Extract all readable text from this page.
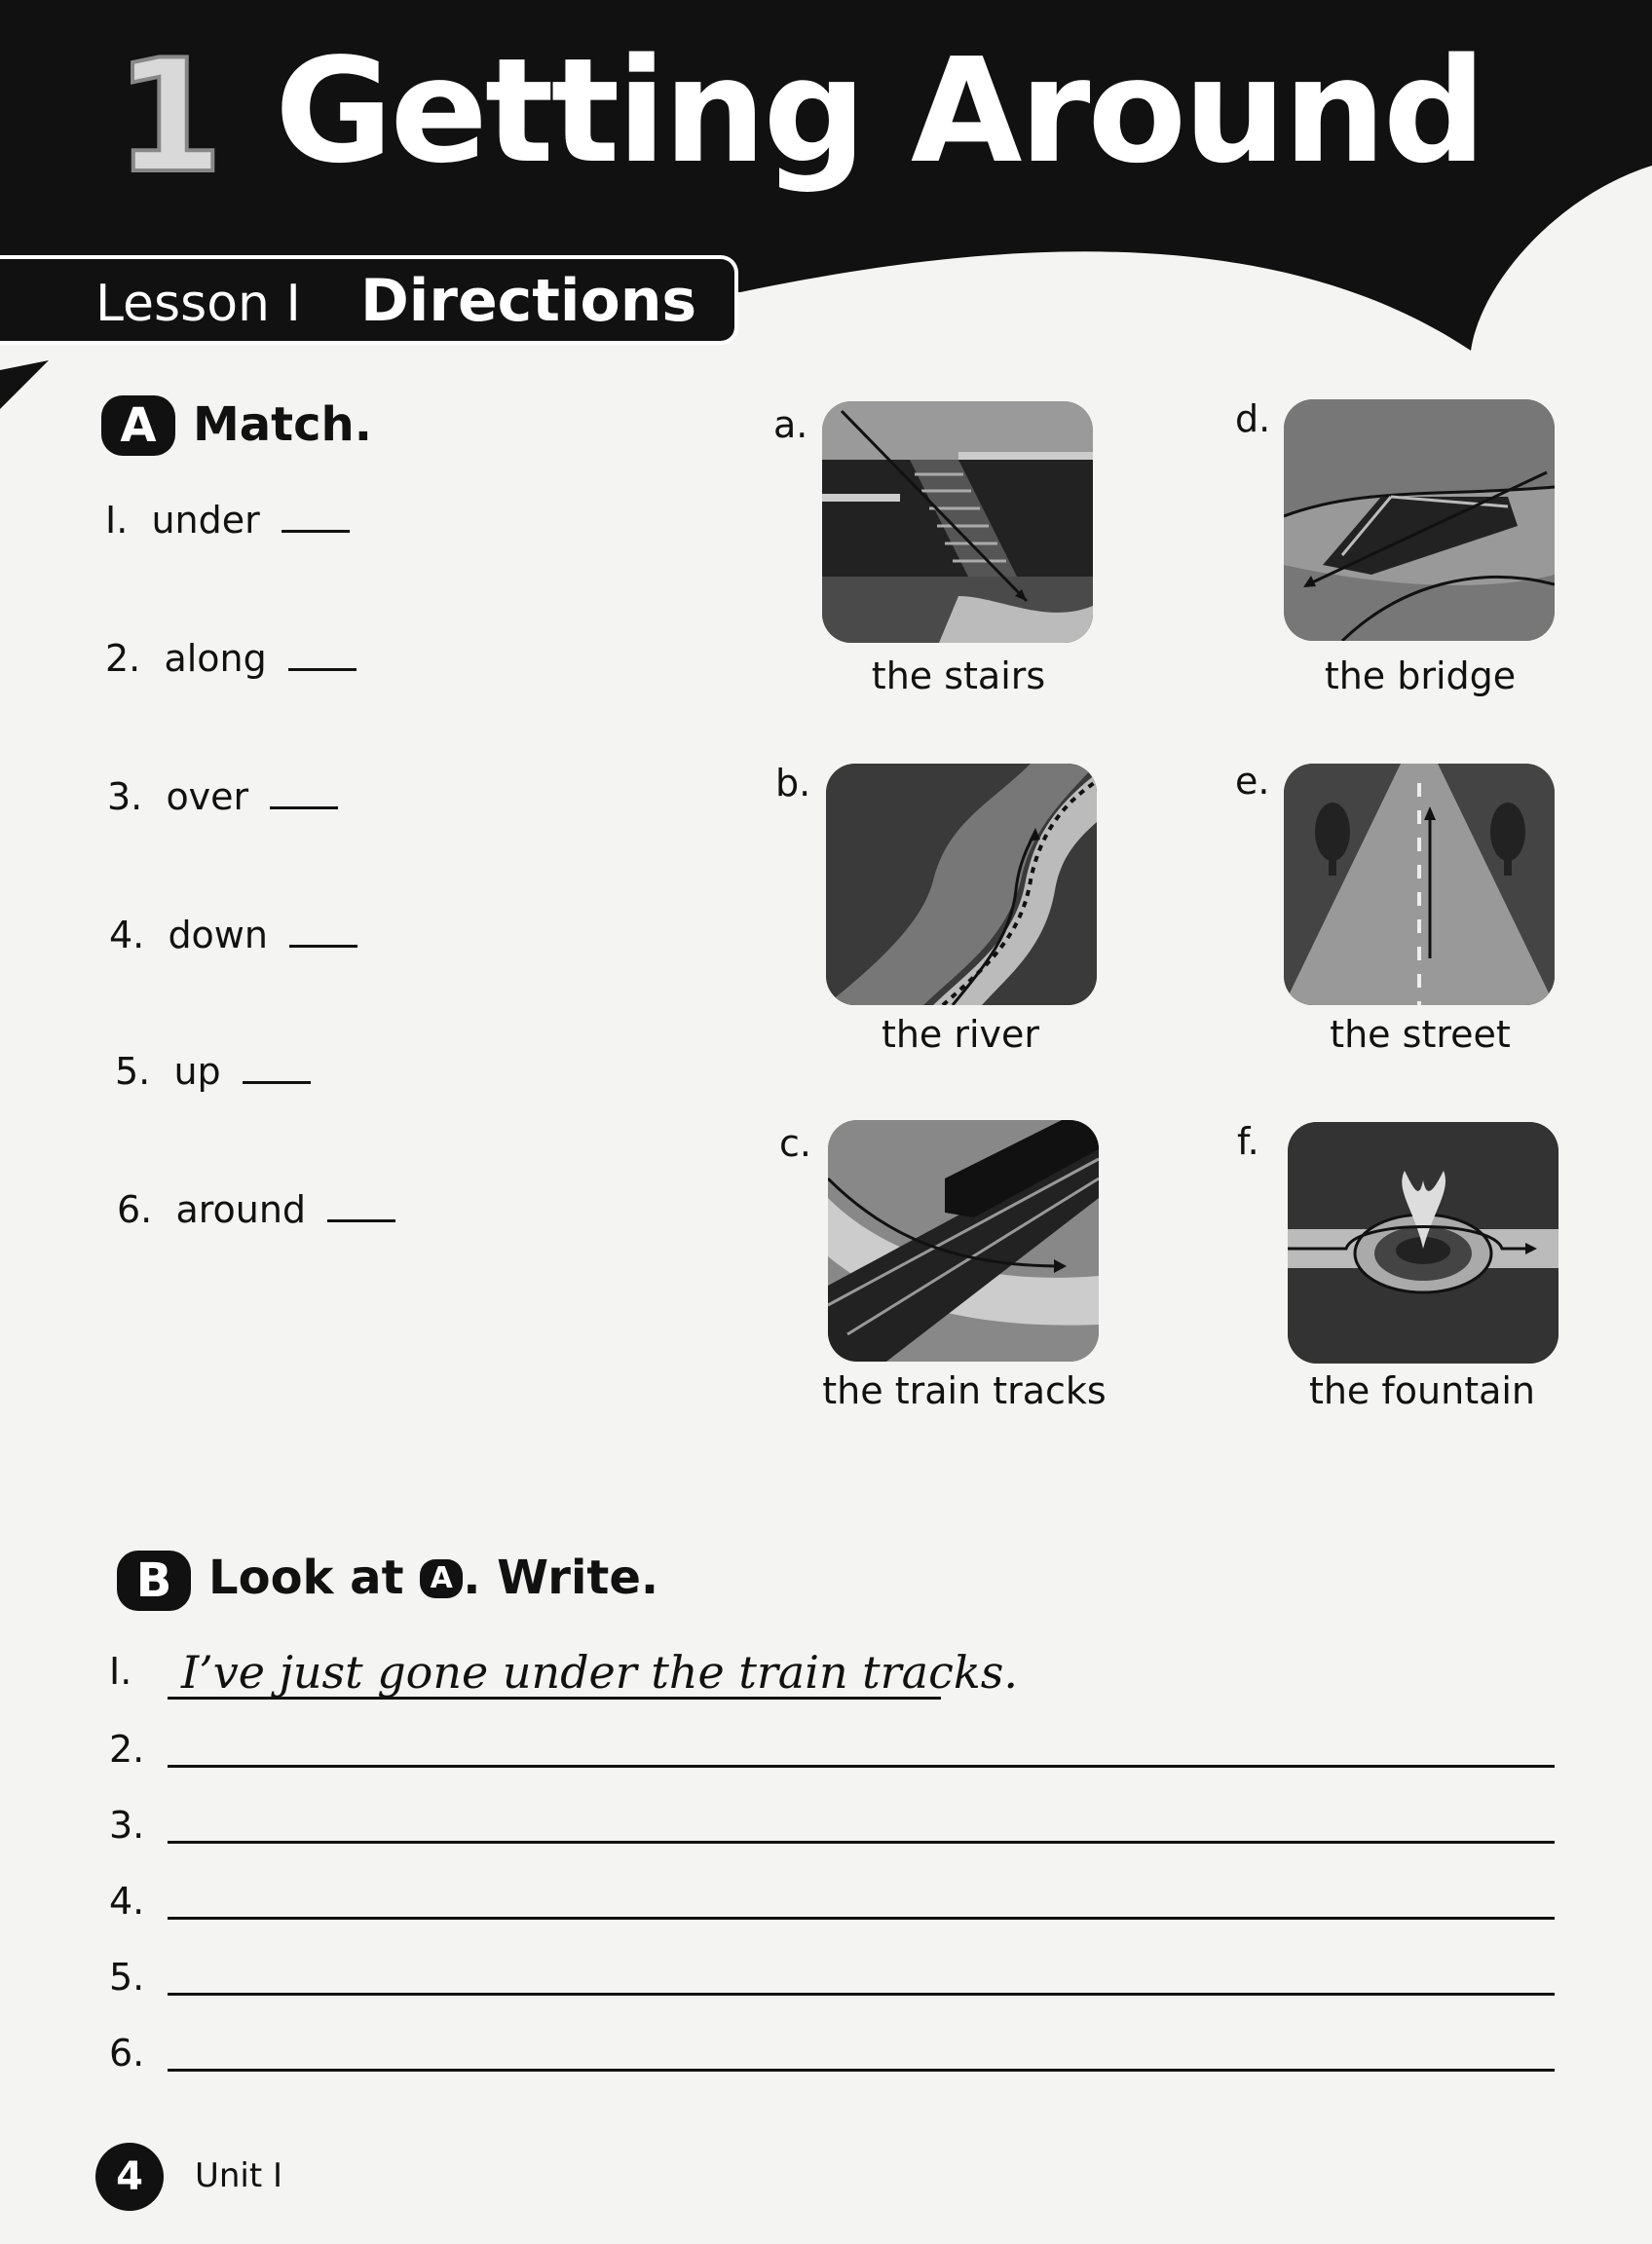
1 Getting Around
Lesson I Directions
A Match.
I. under
2. along
3. over
4. down
5. up
6. around
a.
the stairs
b.
the river
c.
the train tracks
d.
the bridge
e.
the street
f.
the fountain
B Look at A . Write.
I. I’ve just gone under the train tracks.
2.
3.
4.
5.
6.
4	Unit I
